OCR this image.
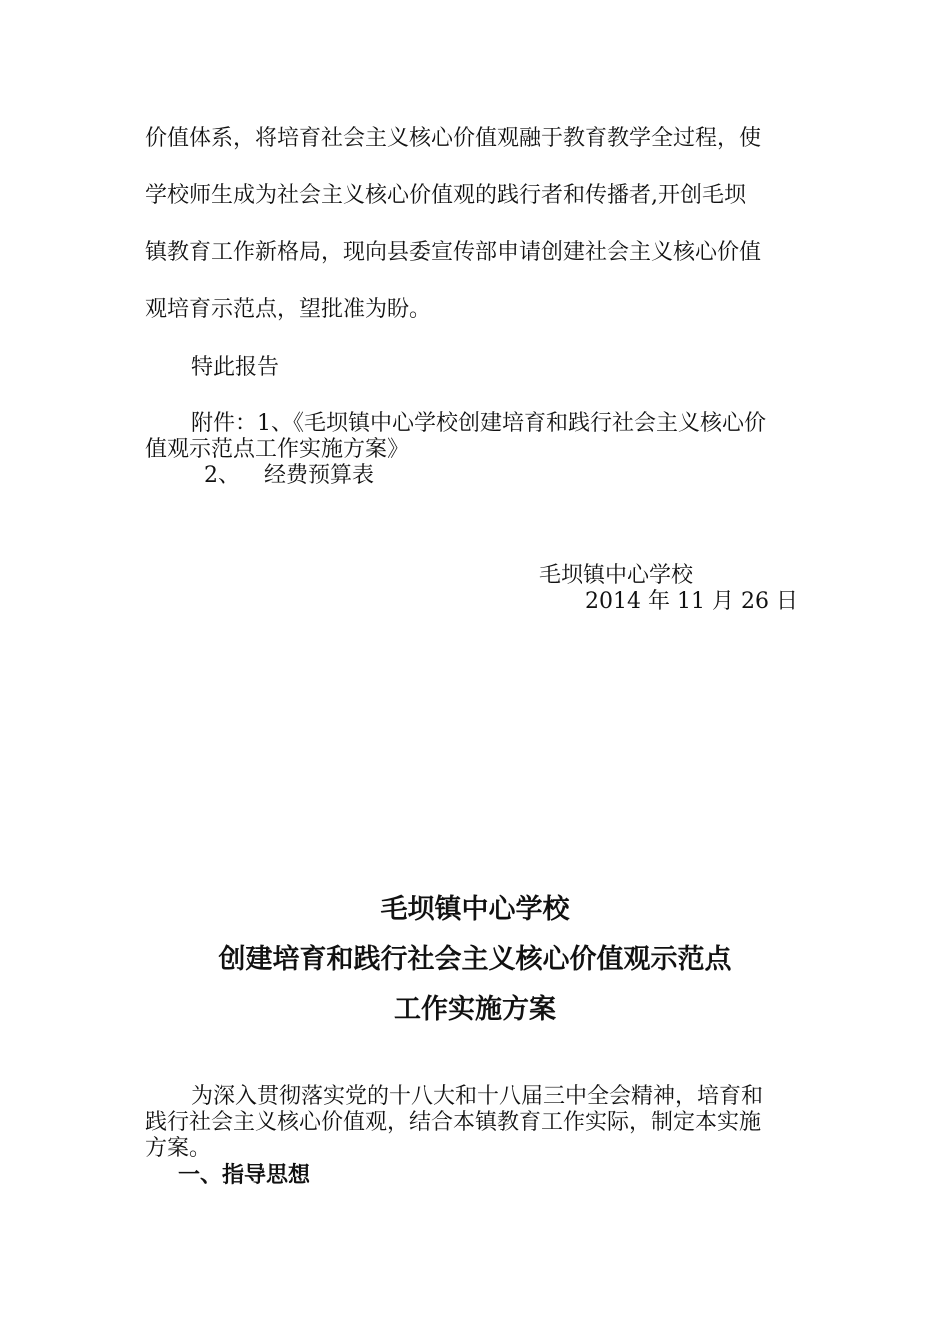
价值体系，将培育社会主义核心价值观融于教育教学全过程，使
学校师生成为社会主义核心价值观的践行者和传播者,开创毛坝
镇教育工作新格局，现向县委宣传部申请创建社会主义核心价值
观培育示范点，望批准为盼。
特此报告
附件：1、《毛坝镇中心学校创建培育和践行社会主义核心价
值观示范点工作实施方案》
2、 经费预算表
毛坝镇中心学校
2014 年 11 月 26 日
毛坝镇中心学校
创建培育和践行社会主义核心价值观示范点
工作实施方案
为深入贯彻落实党的十八大和十八届三中全会精神，培育和
践行社会主义核心价值观，结合本镇教育工作实际，制定本实施
方案。
一、指导思想
